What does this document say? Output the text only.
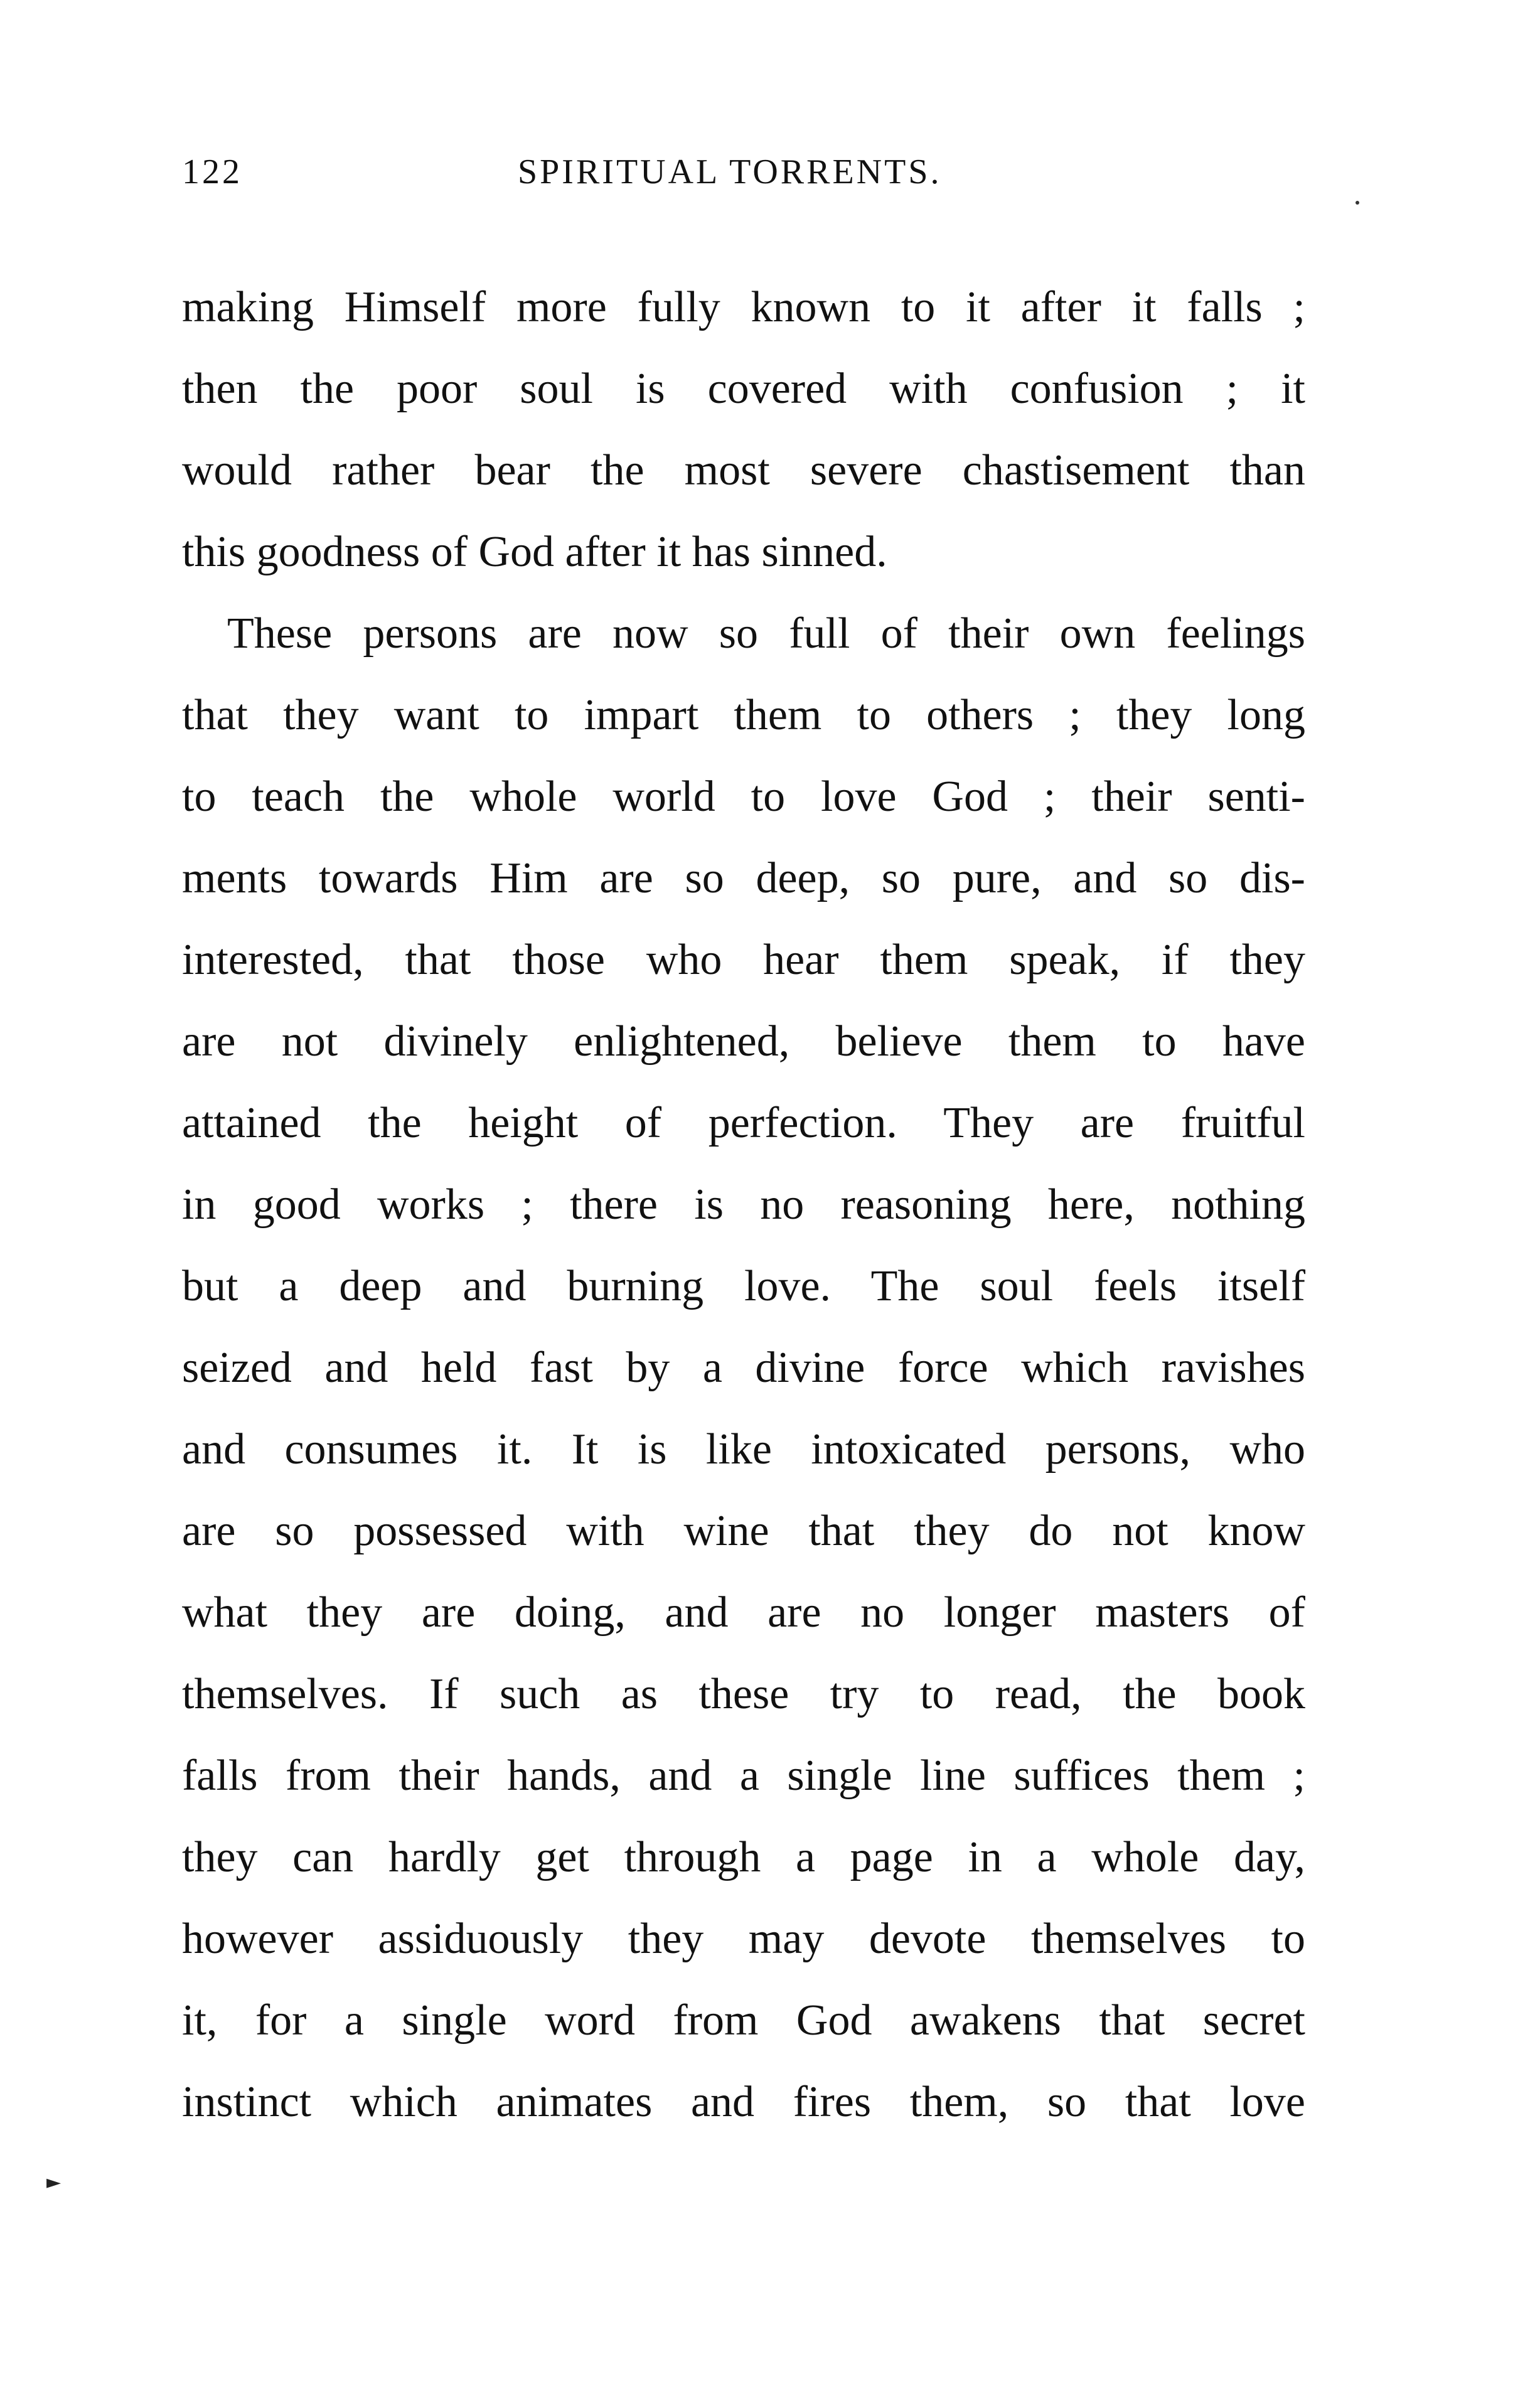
122	SPIRITUAL TORRENTS.
making Himself more fully known to it after it falls ;
then the poor soul is covered with confusion ; it
would rather bear the most severe chastisement than
this goodness of God after it has sinned.
These persons are now so full of their own feelings
that they want to impart them to others ; they long
to teach the whole world to love God ; their senti-
ments towards Him are so deep, so pure, and so dis-
interested, that those who hear them speak, if they
are not divinely enlightened, believe them to have
attained the height of perfection. They are fruitful
in good works ; there is no reasoning here, nothing
but a deep and burning love. The soul feels itself
seized and held fast by a divine force which ravishes
and consumes it. It is like intoxicated persons, who
are so possessed with wine that they do not know
what they are doing, and are no longer masters of
themselves. If such as these try to read, the book
falls from their hands, and a single line suffices them ;
they can hardly get through a page in a whole day,
however assiduously they may devote themselves to
it, for a single word from God awakens that secret
instinct which animates and fires them, so that love
►
